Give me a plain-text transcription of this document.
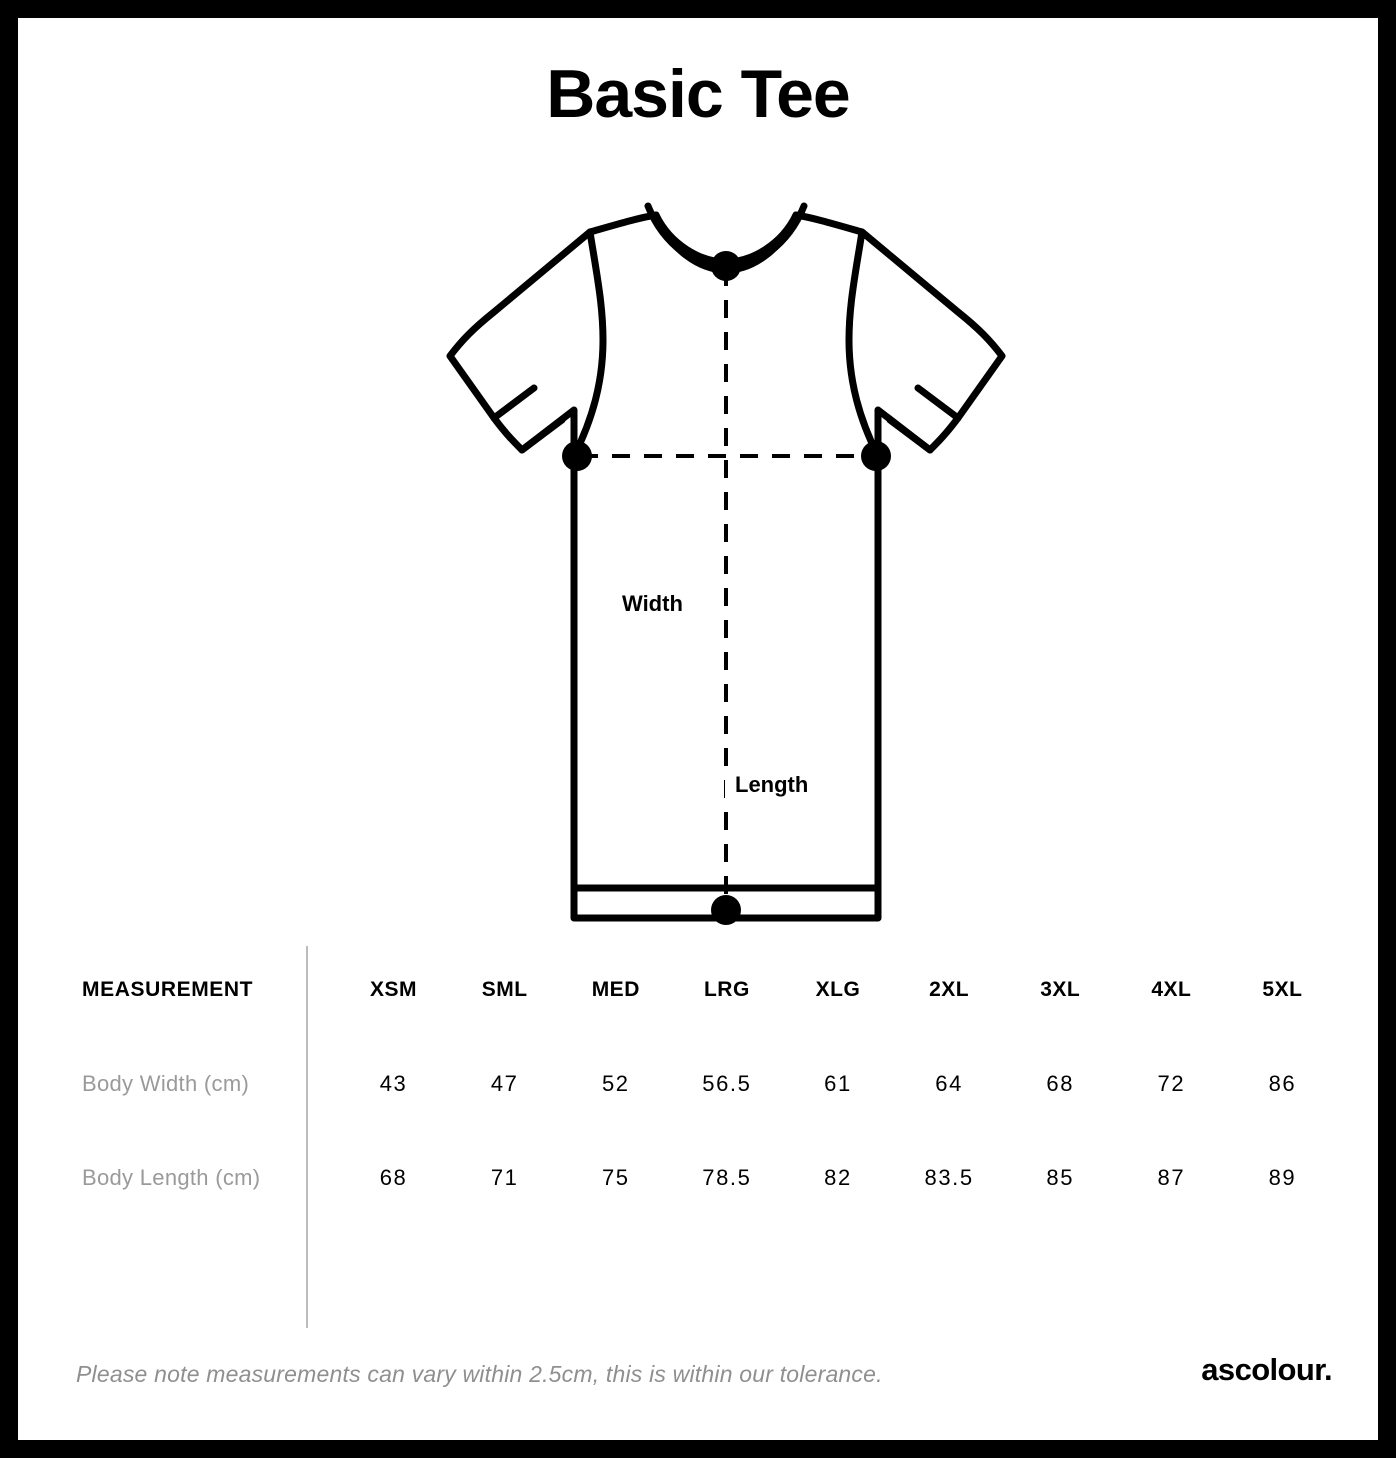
Basic Tee
Width
Length
MEASUREMENT	XSM	SML	MED	LRG	XLG	2XL	3XL	4XL	5XL
Body Width (cm)	43	47	52	56.5	61	64	68	72	86
Body Length (cm)	68	71	75	78.5	82	83.5	85	87	89
Please note measurements can vary within 2.5cm, this is within our tolerance.	ascolour.
